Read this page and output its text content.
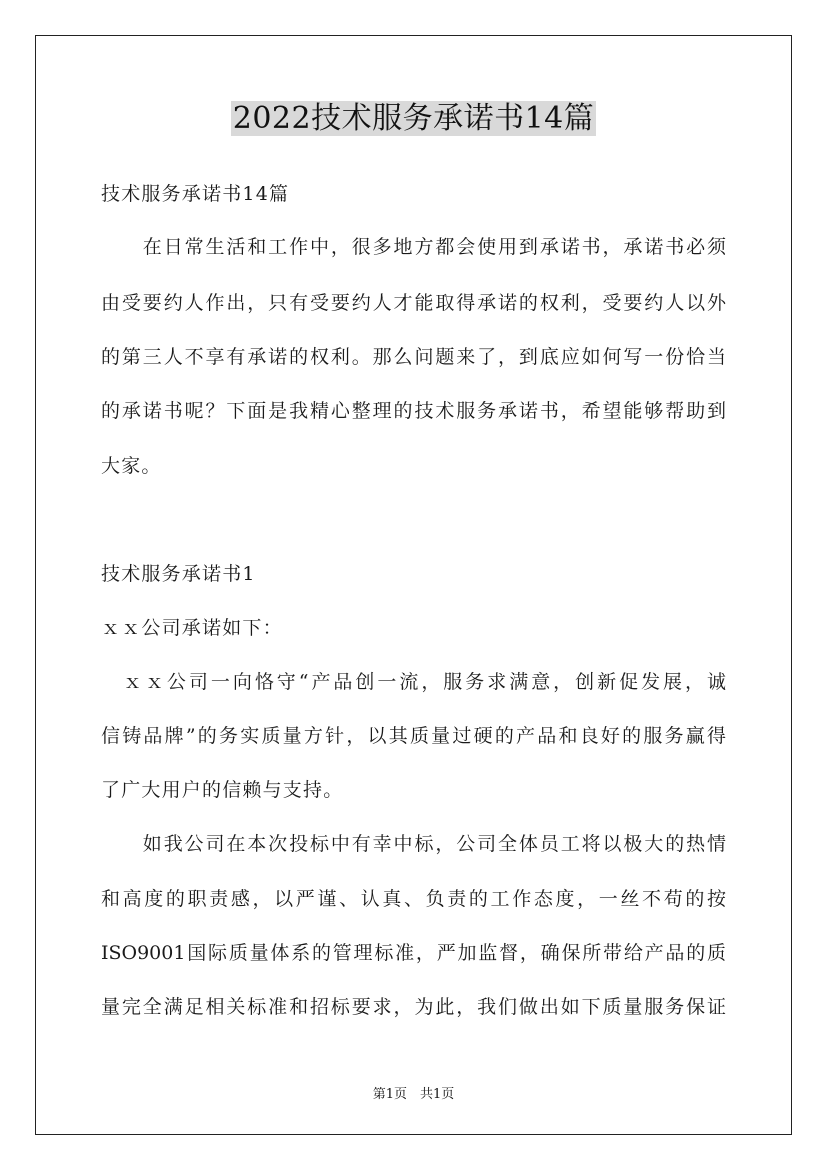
2022技术服务承诺书14篇
技术服务承诺书14篇
　　在日常生活和工作中，很多地方都会使用到承诺书，承诺书必须
由受要约人作出，只有受要约人才能取得承诺的权利，受要约人以外
的第三人不享有承诺的权利。那么问题来了，到底应如何写一份恰当
的承诺书呢？下面是我精心整理的技术服务承诺书，希望能够帮助到
大家。
技术服务承诺书1
ｘｘ公司承诺如下：
　ｘｘ公司一向恪守“产品创一流，服务求满意，创新促发展，诚
信铸品牌”的务实质量方针，以其质量过硬的产品和良好的服务赢得
了广大用户的信赖与支持。
　　如我公司在本次投标中有幸中标，公司全体员工将以极大的热情
和高度的职责感，以严谨、认真、负责的工作态度，一丝不苟的按
ISO9001国际质量体系的管理标准，严加监督，确保所带给产品的质
量完全满足相关标准和招标要求，为此，我们做出如下质量服务保证
第1页　共1页
